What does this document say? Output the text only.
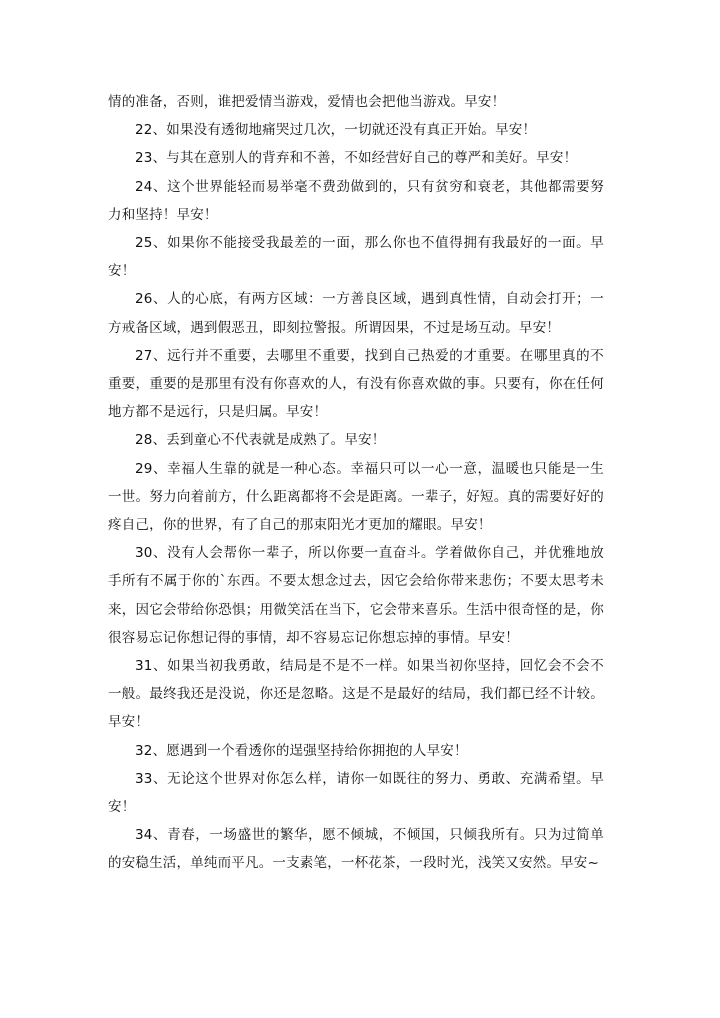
情的准备，否则，谁把爱情当游戏，爱情也会把他当游戏。早安！

22、如果没有透彻地痛哭过几次，一切就还没有真正开始。早安！

23、与其在意别人的背弃和不善，不如经营好自己的尊严和美好。早安！

24、这个世界能轻而易举毫不费劲做到的，只有贫穷和衰老，其他都需要努力和坚持！早安！

25、如果你不能接受我最差的一面，那么你也不值得拥有我最好的一面。早安！

26、人的心底，有两方区域：一方善良区域，遇到真性情，自动会打开；一方戒备区域，遇到假恶丑，即刻拉警报。所谓因果，不过是场互动。早安！

27、远行并不重要，去哪里不重要，找到自己热爱的才重要。在哪里真的不重要，重要的是那里有没有你喜欢的人，有没有你喜欢做的事。只要有，你在任何地方都不是远行，只是归属。早安！

28、丢到童心不代表就是成熟了。早安！

29、幸福人生靠的就是一种心态。幸福只可以一心一意，温暖也只能是一生一世。努力向着前方，什么距离都将不会是距离。一辈子，好短。真的需要好好的疼自己，你的世界，有了自己的那束阳光才更加的耀眼。早安！

30、没有人会帮你一辈子，所以你要一直奋斗。学着做你自己，并优雅地放手所有不属于你的`东西。不要太想念过去，因它会给你带来悲伤；不要太思考未来，因它会带给你恐惧；用微笑活在当下，它会带来喜乐。生活中很奇怪的是，你很容易忘记你想记得的事情，却不容易忘记你想忘掉的事情。早安！

31、如果当初我勇敢，结局是不是不一样。如果当初你坚持，回忆会不会不一般。最终我还是没说，你还是忽略。这是不是最好的结局，我们都已经不计较。早安！

32、愿遇到一个看透你的逞强坚持给你拥抱的人早安！

33、无论这个世界对你怎么样，请你一如既往的努力、勇敢、充满希望。早安！

34、青春，一场盛世的繁华，愿不倾城，不倾国，只倾我所有。只为过简单的安稳生活，单纯而平凡。一支素笔，一杯花茶，一段时光，浅笑又安然。早安~
